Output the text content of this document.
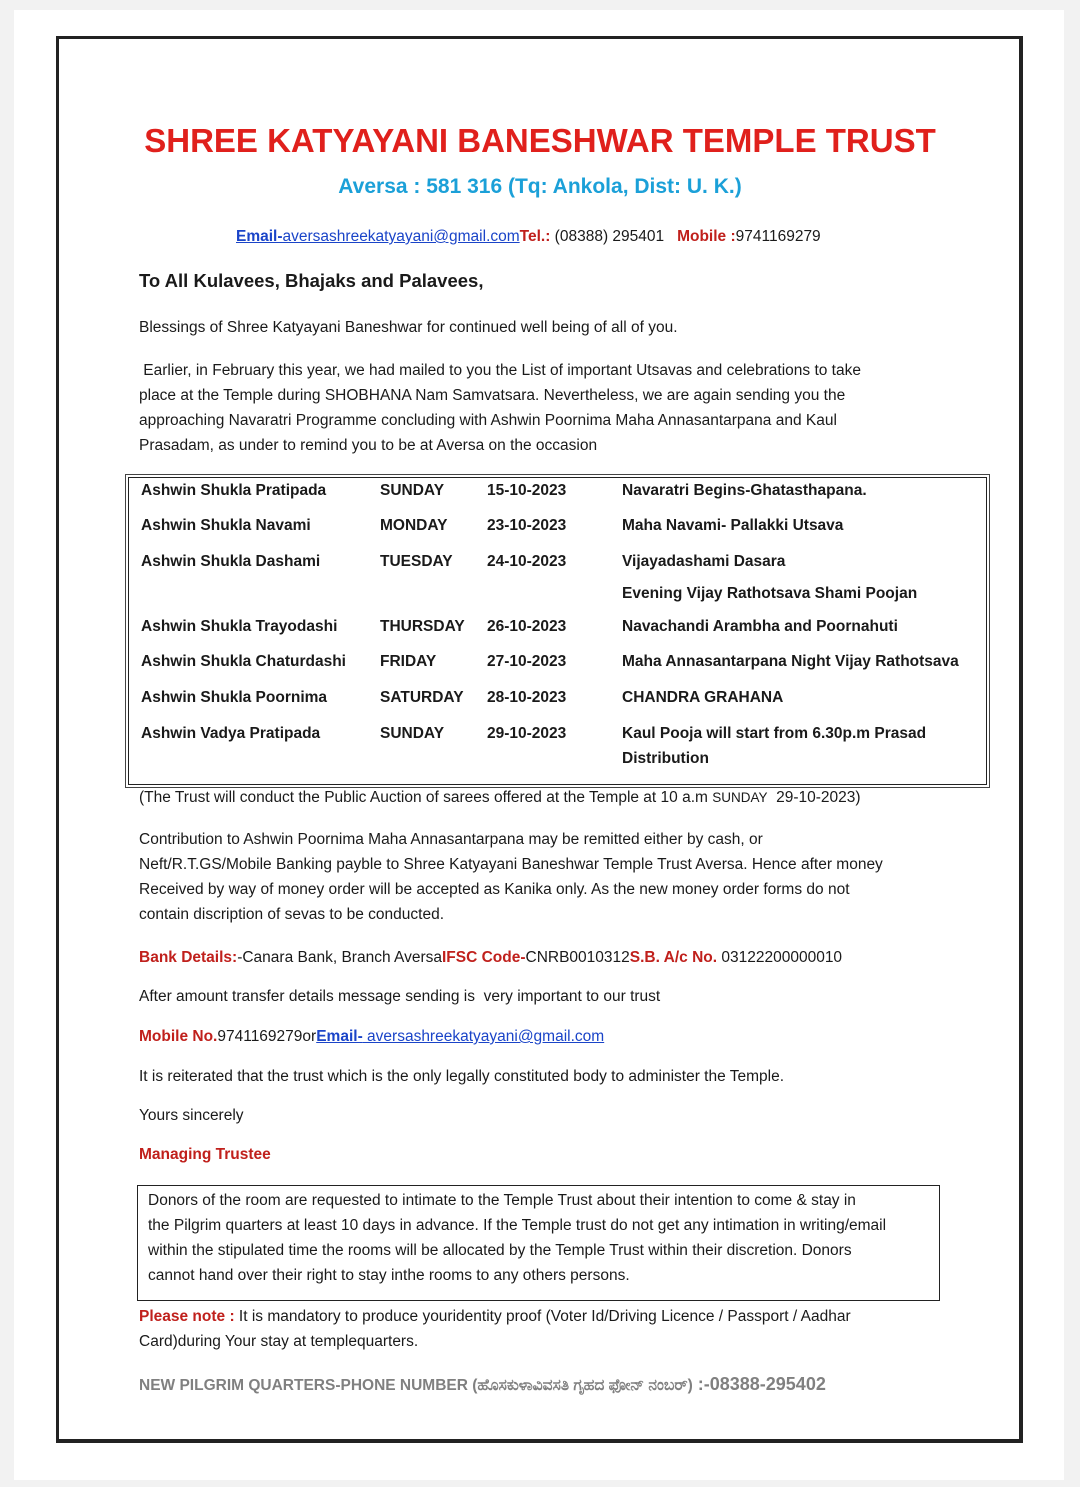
SHREE KATYAYANI BANESHWAR TEMPLE TRUST
Aversa : 581 316 (Tq: Ankola, Dist: U. K.)
Email-aversashreekatyayani@gmail.comTel.: (08388) 295401 Mobile :9741169279
To All Kulavees, Bhajaks and Palavees,
Blessings of Shree Katyayani Baneshwar for continued well being of all of you.
Earlier, in February this year, we had mailed to you the List of important Utsavas and celebrations to take
place at the Temple during SHOBHANA Nam Samvatsara. Nevertheless, we are again sending you the
approaching Navaratri Programme concluding with Ashwin Poornima Maha Annasantarpana and Kaul
Prasadam, as under to remind you to be at Aversa on the occasion
Ashwin Shukla Pratipada	SUNDAY	15-10-2023	Navaratri Begins-Ghatasthapana.
Ashwin Shukla Navami	MONDAY	23-10-2023	Maha Navami- Pallakki Utsava
Ashwin Shukla Dashami	TUESDAY 24-10-2023	Vijayadashami Dasara
Evening Vijay Rathotsava Shami Poojan
Ashwin Shukla Trayodashi	THURSDAY 26-10-2023	Navachandi Arambha and Poornahuti
Ashwin Shukla Chaturdashi FRIDAY	27-10-2023	Maha Annasantarpana Night Vijay Rathotsava
Ashwin Shukla Poornima	SATURDAY 28-10-2023	CHANDRA GRAHANA
Ashwin Vadya Pratipada	SUNDAY	29-10-2023	Kaul Pooja will start from 6.30p.m Prasad
Distribution
(The Trust will conduct the Public Auction of sarees offered at the Temple at 10 a.m SUNDAY  29-10-2023)
Contribution to Ashwin Poornima Maha Annasantarpana may be remitted either by cash, or
Neft/R.T.GS/Mobile Banking payble to Shree Katyayani Baneshwar Temple Trust Aversa. Hence after money
Received by way of money order will be accepted as Kanika only. As the new money order forms do not
contain discription of sevas to be conducted.
Bank Details:-Canara Bank, Branch AversaIFSC Code-CNRB0010312S.B. A/c No. 03122200000010
After amount transfer details message sending is  very important to our trust
Mobile No.9741169279orEmail- aversashreekatyayani@gmail.com
It is reiterated that the trust which is the only legally constituted body to administer the Temple.
Yours sincerely
Managing Trustee

Donors of the room are requested to intimate to the Temple Trust about their intention to come & stay in

the Pilgrim quarters at least 10 days in advance. If the Temple trust do not get any intimation in writing/email

within the stipulated time the rooms will be allocated by the Temple Trust within their discretion. Donors

cannot hand over their right to stay inthe rooms to any others persons.

Please note : It is mandatory to produce youridentity proof (Voter Id/Driving Licence / Passport / Aadhar
Card)during Your stay at templequarters.
NEW PILGRIM QUARTERS-PHONE NUMBER (ಹೊಸಕುಳಾವಿವಸತಿ ಗೃಹದ ಫೋನ್ ನಂಬರ್) :-08388-295402
